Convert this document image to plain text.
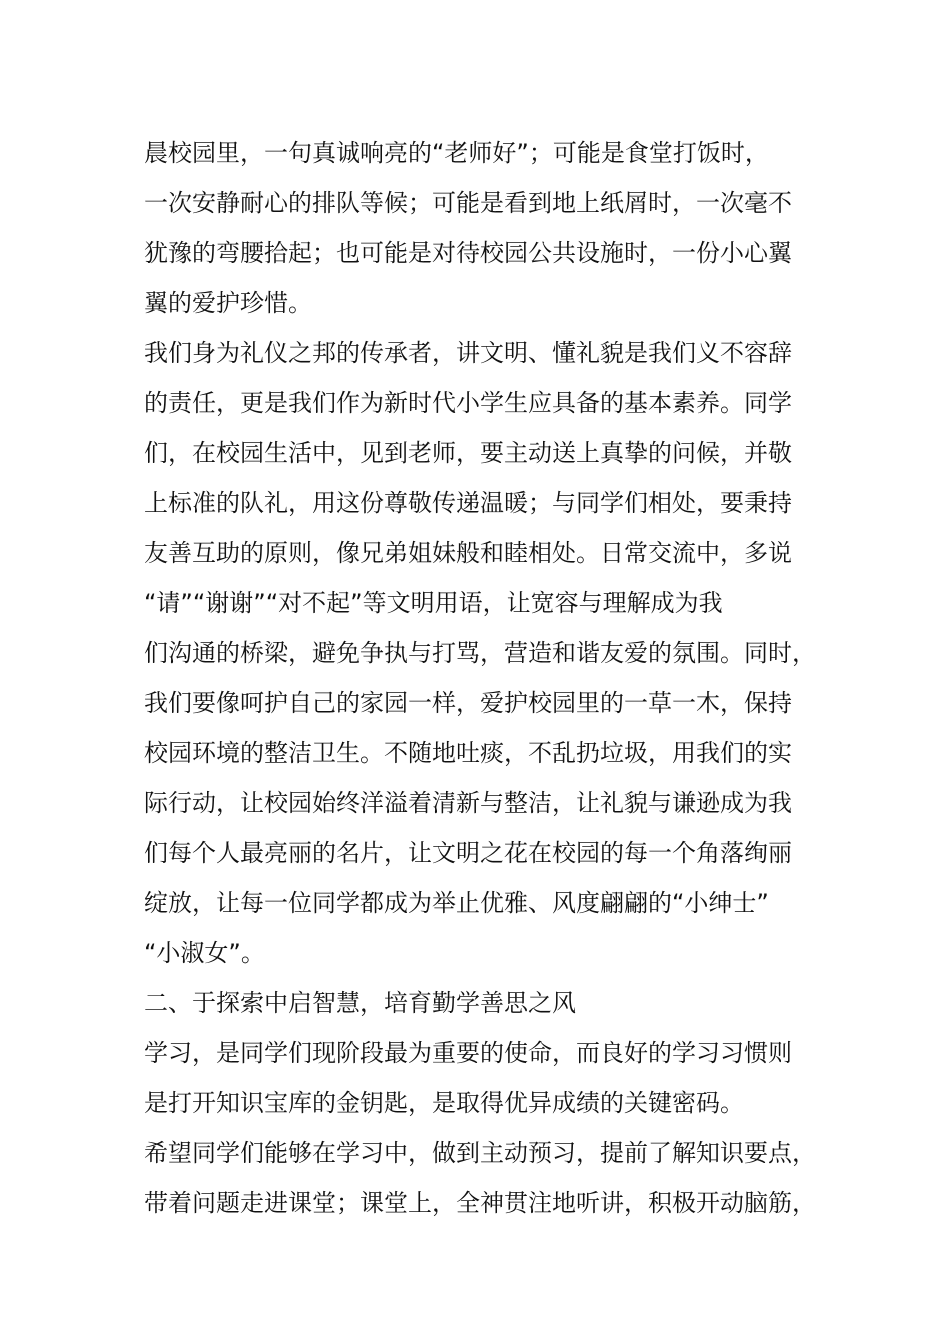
晨校园里，一句真诚响亮的“老师好”；可能是食堂打饭时，
一次安静耐心的排队等候；可能是看到地上纸屑时，一次毫不
犹豫的弯腰拾起；也可能是对待校园公共设施时，一份小心翼
翼的爱护珍惜。
我们身为礼仪之邦的传承者，讲文明、懂礼貌是我们义不容辞
的责任，更是我们作为新时代小学生应具备的基本素养。同学
们，在校园生活中，见到老师，要主动送上真挚的问候，并敬
上标准的队礼，用这份尊敬传递温暖；与同学们相处，要秉持
友善互助的原则，像兄弟姐妹般和睦相处。日常交流中，多说
“请”“谢谢”“对不起”等文明用语，让宽容与理解成为我
们沟通的桥梁，避免争执与打骂，营造和谐友爱的氛围。同时，
我们要像呵护自己的家园一样，爱护校园里的一草一木，保持
校园环境的整洁卫生。不随地吐痰，不乱扔垃圾，用我们的实
际行动，让校园始终洋溢着清新与整洁，让礼貌与谦逊成为我
们每个人最亮丽的名片，让文明之花在校园的每一个角落绚丽
绽放，让每一位同学都成为举止优雅、风度翩翩的“小绅士”
“小淑女”。
二、于探索中启智慧，培育勤学善思之风
学习，是同学们现阶段最为重要的使命，而良好的学习习惯则
是打开知识宝库的金钥匙，是取得优异成绩的关键密码。
希望同学们能够在学习中，做到主动预习，提前了解知识要点，
带着问题走进课堂；课堂上，全神贯注地听讲，积极开动脑筋，
